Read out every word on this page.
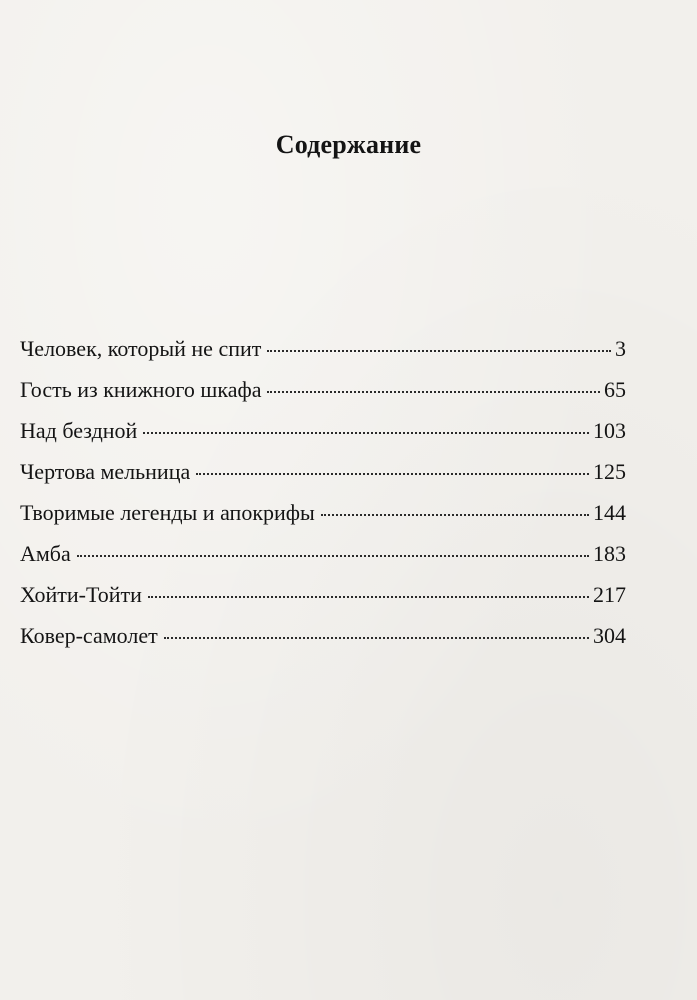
Содержание
Человек, который не спит	3
Гость из книжного шкафа	65
Над бездной	103
Чертова мельница	125
Творимые легенды и апокрифы	144
Амба	183
Хойти-Тойти	217
Ковер-самолет	304
